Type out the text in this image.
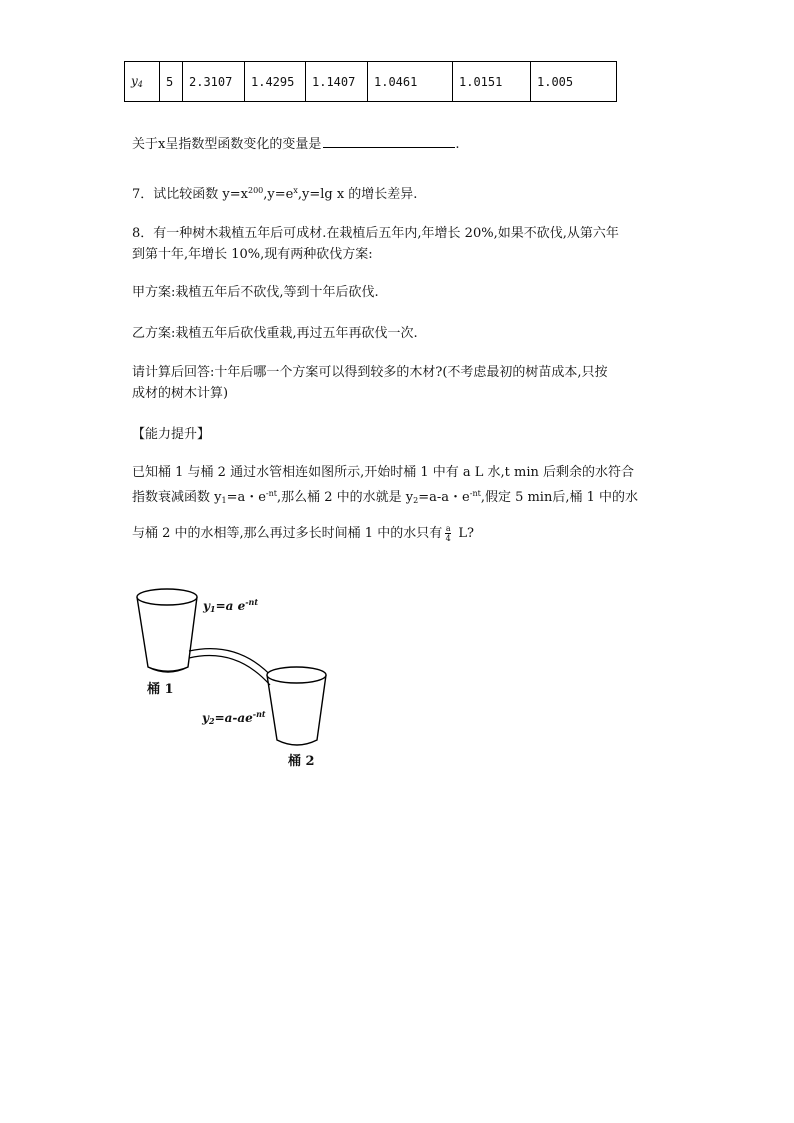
$y_4$	5	2.3107	1.4295	1.1407	1.0461	1.0151	1.005
关于x呈指数型函数变化的变量是	.
7．试比较函数 $y=x^{200},y=e^x,y=\lg$ x 的增长差异.
8．有一种树木栽植五年后可成材.在栽植后五年内,年增长 20%,如果不砍伐,从第六年
到第十年,年增长 10%,现有两种砍伐方案:
甲方案:栽植五年后不砍伐,等到十年后砍伐.
乙方案:栽植五年后砍伐重栽,再过五年再砍伐一次.
请计算后回答:十年后哪一个方案可以得到较多的木材?(不考虑最初的树苗成本,只按
成材的树木计算)
【能力提升】
已知桶 1 与桶 2 通过水管相连如图所示,开始时桶 1 中有 a L 水,t min 后剩余的水符合
指数衰减函数 $y_1=a$・$e^{-nt}$,那么桶 2 中的水就是 $y_2=a-a$・$e^{-nt}$,假定 5 min后,桶 1 中的水
与桶 2 中的水相等,那么再过多长时间桶 1 中的水只有 $\frac{a}{4} L$?
$y_1=a$ $e^{-nt}$
$y_2=a-ae^{-nt}$
桶 1
桶 2
